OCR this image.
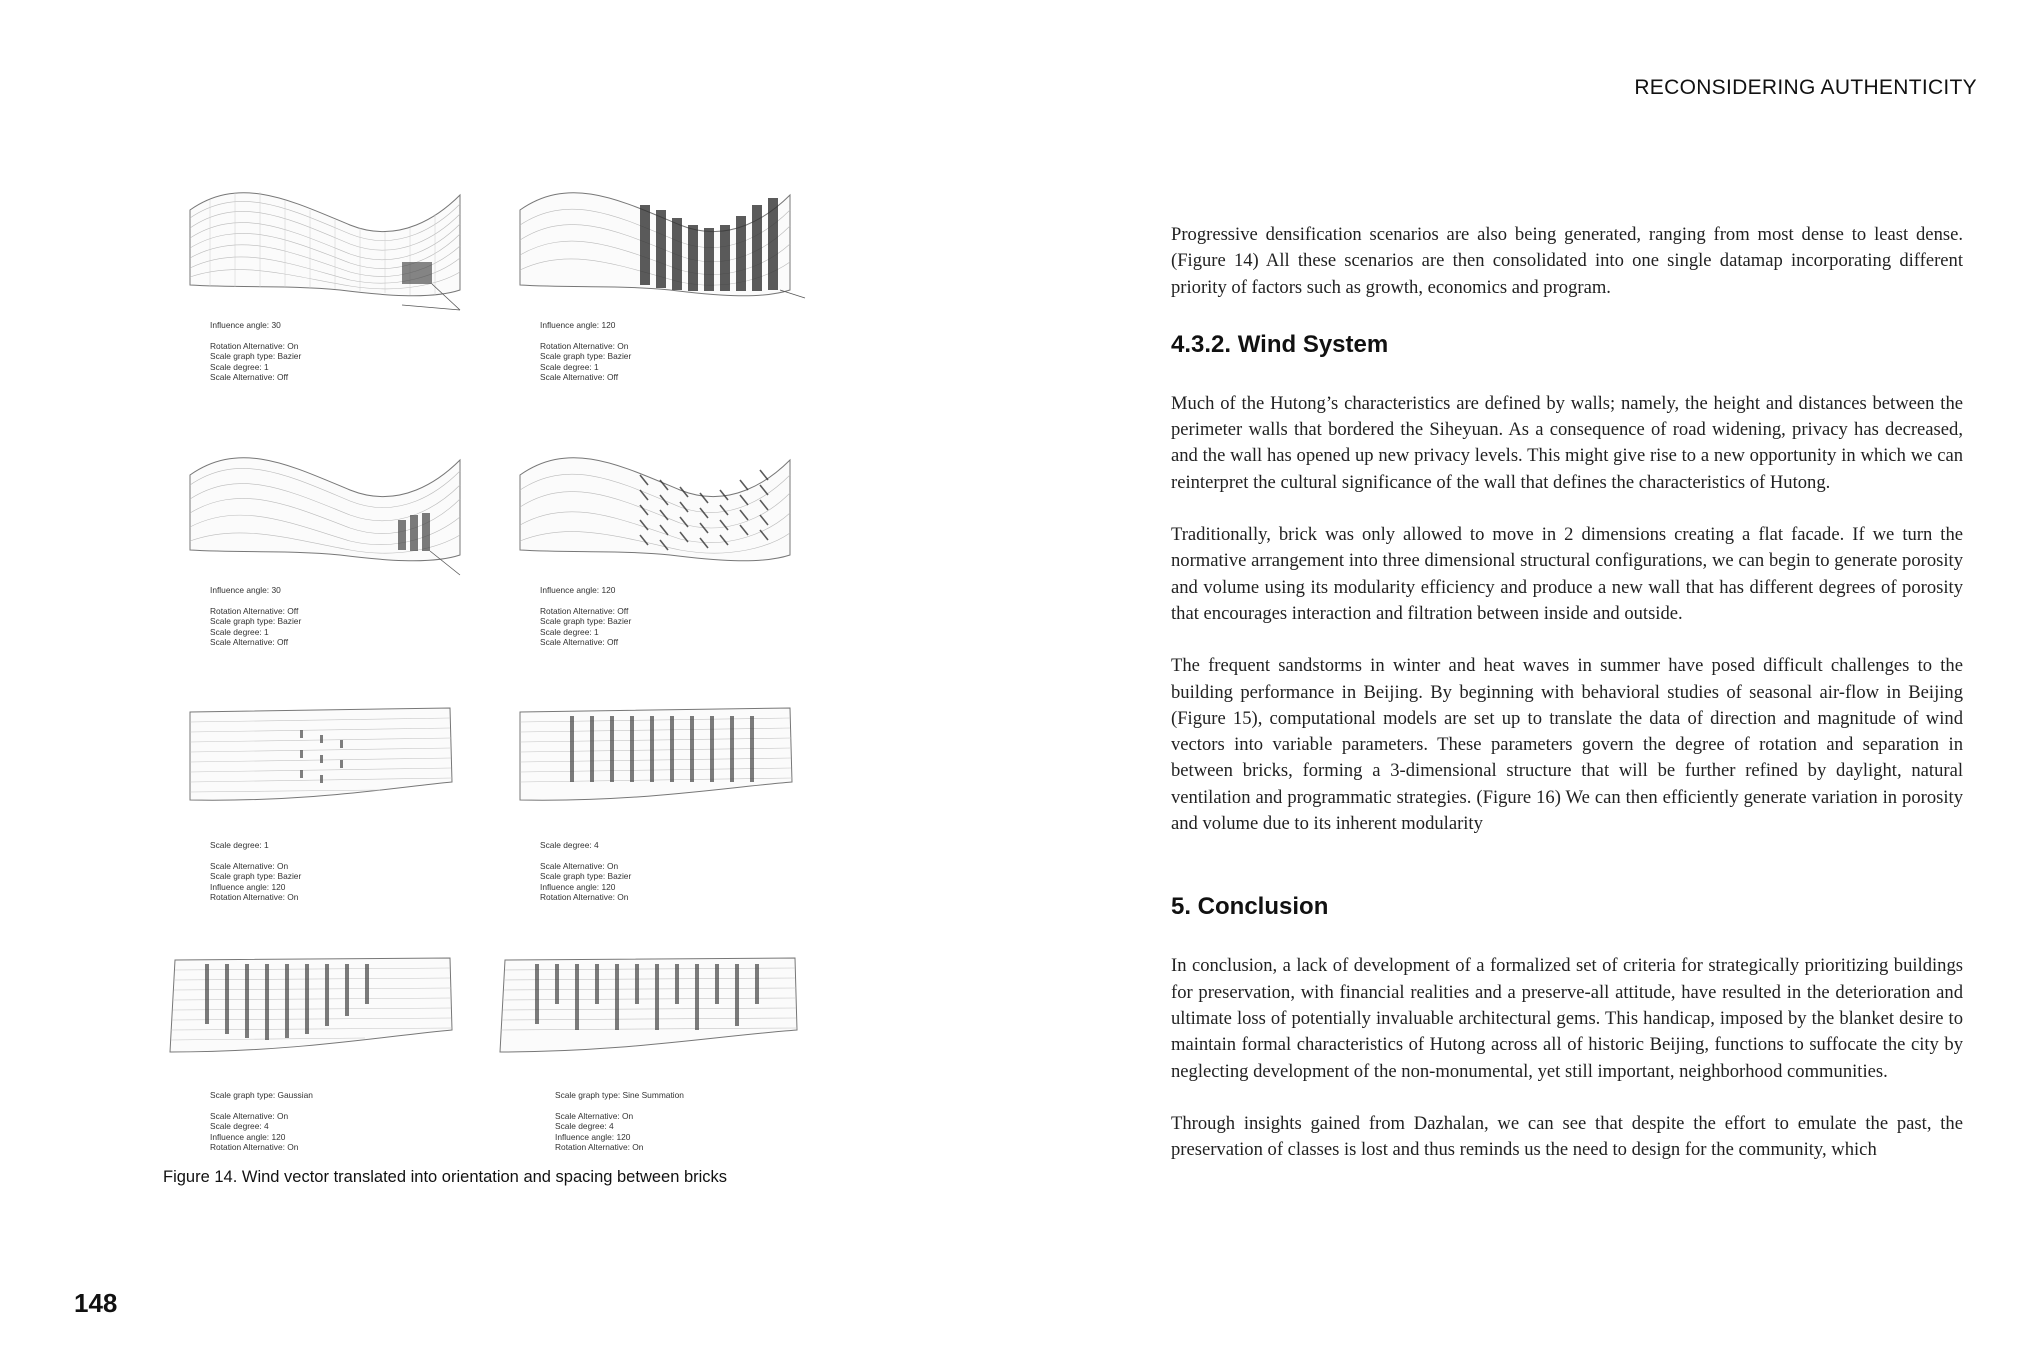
RECONSIDERING AUTHENTICITY
Influence angle: 30
Rotation Alternative: On
Scale graph type: Bazier
Scale degree: 1
Scale Alternative: Off
Influence angle: 120
Rotation Alternative: On
Scale graph type: Bazier
Scale degree: 1
Scale Alternative: Off
Influence angle: 30
Rotation Alternative: Off
Scale graph type: Bazier
Scale degree: 1
Scale Alternative: Off
Influence angle: 120
Rotation Alternative: Off
Scale graph type: Bazier
Scale degree: 1
Scale Alternative: Off
Scale degree: 1
Scale Alternative: On
Scale graph type: Bazier
Influence angle: 120
Rotation Alternative: On
Scale degree: 4
Scale Alternative: On
Scale graph type: Bazier
Influence angle: 120
Rotation Alternative: On
Scale graph type: Gaussian
Scale Alternative: On
Scale degree: 4
Influence angle: 120
Rotation Alternative: On
Scale graph type: Sine Summation
Scale Alternative: On
Scale degree: 4
Influence angle: 120
Rotation Alternative: On
Figure 14. Wind vector translated into orientation and spacing between bricks
148

Progressive densification scenarios are also being generated, ranging from most dense to least dense. (Figure 14) All these scenarios are then consolidated into one single datamap incorporating different priority of factors such as growth, economics and program.

4.3.2. Wind System

Much of the Hutong’s characteristics are defined by walls; namely, the height and distances between the perimeter walls that bordered the Siheyuan. As a consequence of road widening, privacy has decreased, and the wall has opened up new privacy levels. This might give rise to a new opportunity in which we can reinterpret the cultural significance of the wall that defines the characteristics of Hutong.

Traditionally, brick was only allowed to move in 2 dimensions creating a flat facade. If we turn the normative arrangement into three dimensional structural configurations, we can begin to generate porosity and volume using its modularity efficiency and produce a new wall that has different degrees of porosity that encourages interaction and filtration between inside and outside.

The frequent sandstorms in winter and heat waves in summer have posed difficult challenges to the building performance in Beijing. By beginning with behavioral studies of seasonal air-flow in Beijing (Figure 15), computational models are set up to translate the data of direction and magnitude of wind vectors into variable parameters. These parameters govern the degree of rotation and separation in between bricks, forming a 3-dimensional structure that will be further refined by daylight, natural ventilation and programmatic strategies. (Figure 16) We can then efficiently generate variation in porosity and volume due to its inherent modularity

5. Conclusion

In conclusion, a lack of development of a formalized set of criteria for strategically prioritizing buildings for preservation, with financial realities and a preserve-all attitude, have resulted in the deterioration and ultimate loss of potentially invaluable architectural gems. This handicap, imposed by the blanket desire to maintain formal characteristics of Hutong across all of historic Beijing, functions to suffocate the city by neglecting development of the non-monumental, yet still important, neighborhood communities.

Through insights gained from Dazhalan, we can see that despite the effort to emulate the past, the preservation of classes is lost and thus reminds us the need to design for the community, which
